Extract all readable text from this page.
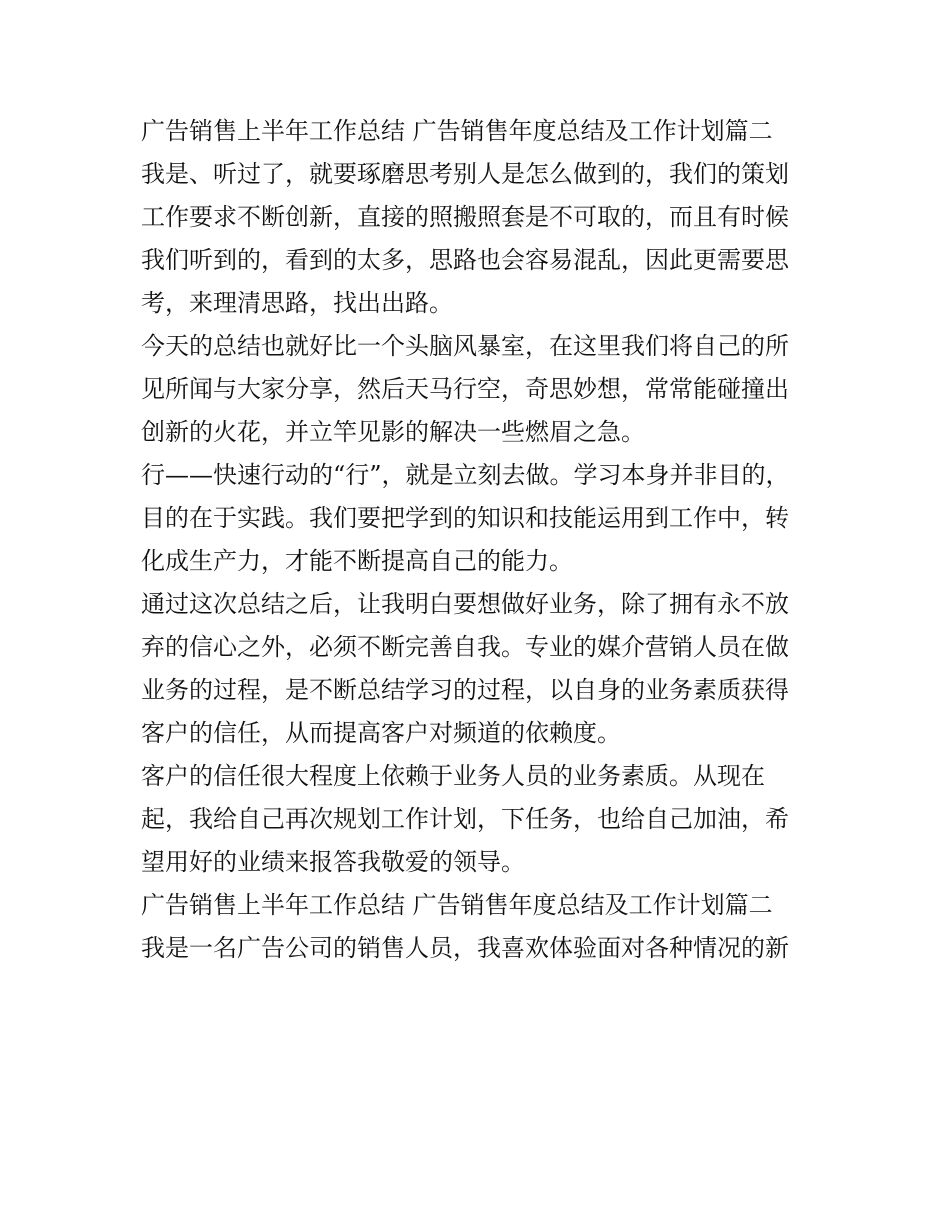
广告销售上半年工作总结 广告销售年度总结及工作计划篇二
我是、听过了，就要琢磨思考别人是怎么做到的，我们的策划
工作要求不断创新，直接的照搬照套是不可取的，而且有时候
我们听到的，看到的太多，思路也会容易混乱，因此更需要思
考，来理清思路，找出出路。
今天的总结也就好比一个头脑风暴室，在这里我们将自己的所
见所闻与大家分享，然后天马行空，奇思妙想，常常能碰撞出
创新的火花，并立竿见影的解决一些燃眉之急。
行——快速行动的“行”，就是立刻去做。学习本身并非目的，
目的在于实践。我们要把学到的知识和技能运用到工作中，转
化成生产力，才能不断提高自己的能力。
通过这次总结之后，让我明白要想做好业务，除了拥有永不放
弃的信心之外，必须不断完善自我。专业的媒介营销人员在做
业务的过程，是不断总结学习的过程，以自身的业务素质获得
客户的信任，从而提高客户对频道的依赖度。
客户的信任很大程度上依赖于业务人员的业务素质。从现在
起，我给自己再次规划工作计划，下任务，也给自己加油，希
望用好的业绩来报答我敬爱的领导。
广告销售上半年工作总结 广告销售年度总结及工作计划篇二
我是一名广告公司的销售人员，我喜欢体验面对各种情况的新
